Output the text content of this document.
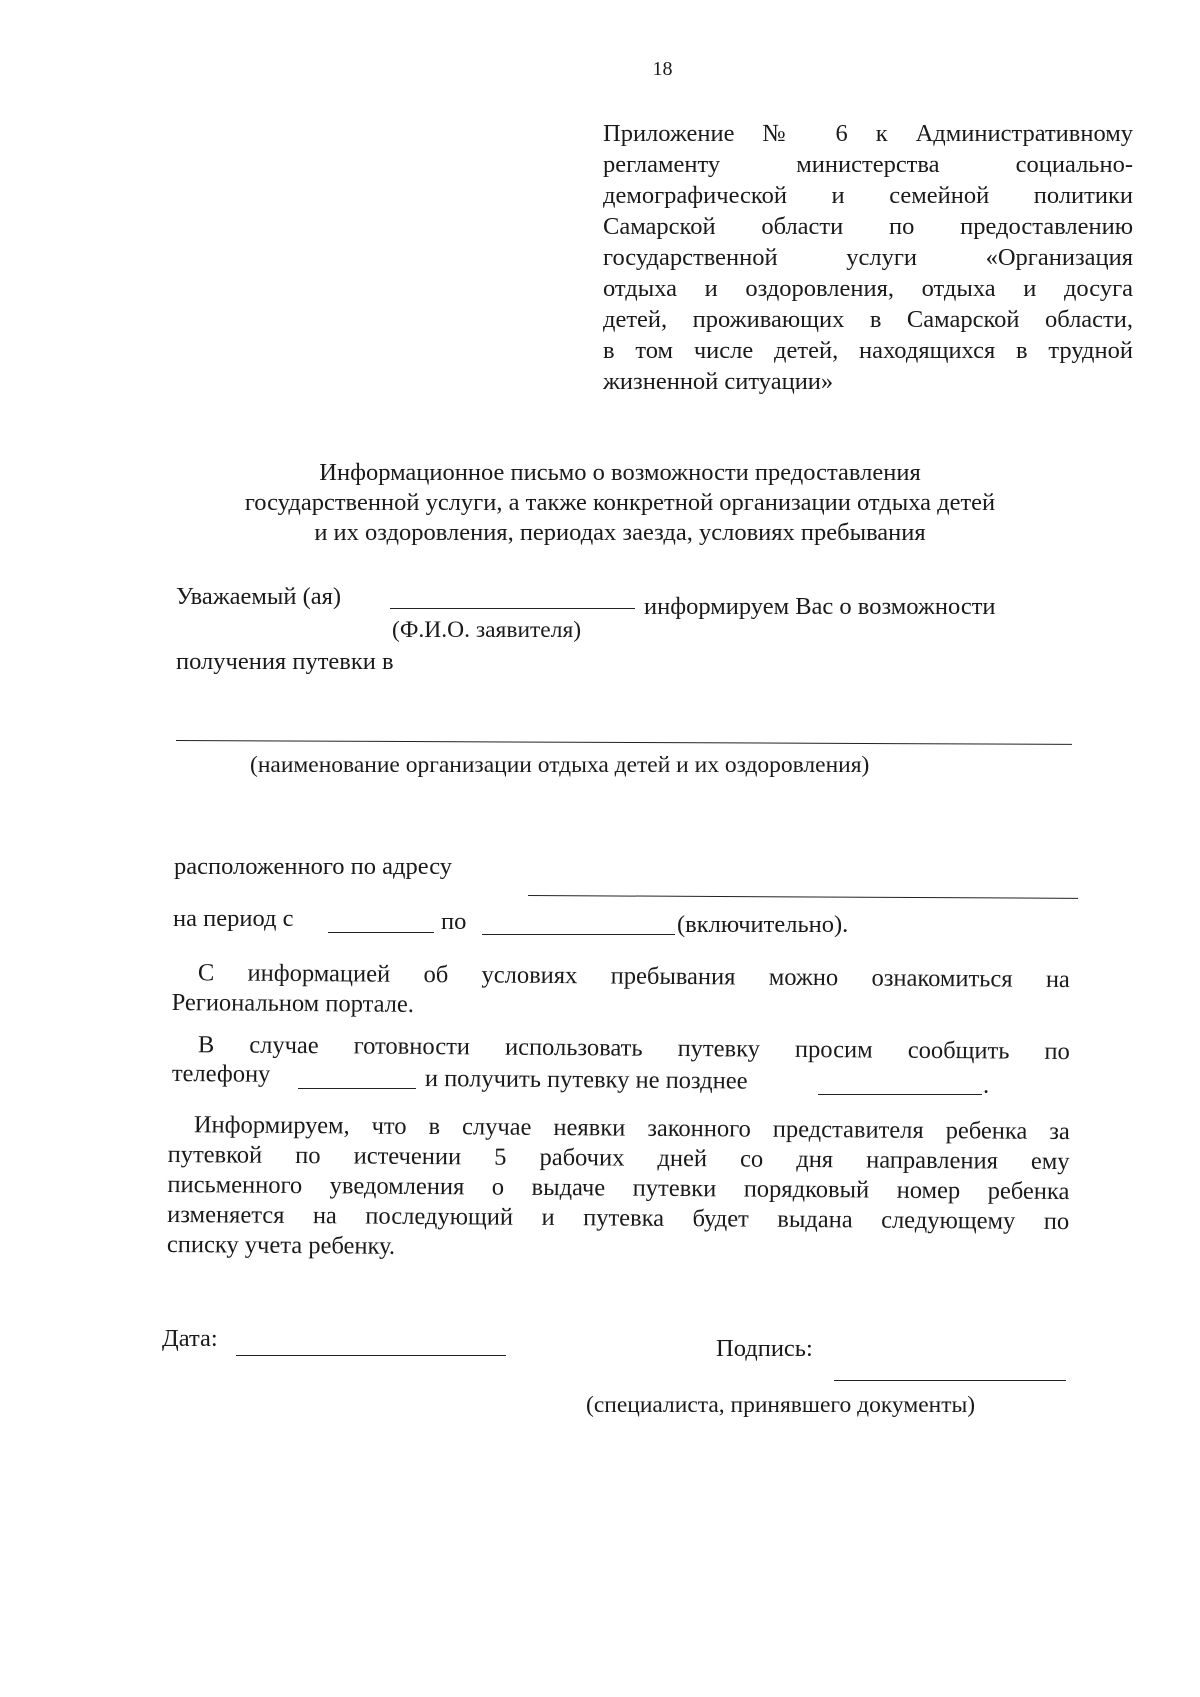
18
Приложение № 6 к Административному
регламенту министерства социально-
демографической и семейной политики
Самарской области по предоставлению
государственной услуги «Организация
отдыха и оздоровления, отдыха и досуга
детей, проживающих в Самарской области,
в том числе детей, находящихся в трудной
жизненной ситуации»
Информационное письмо о возможности предоставления
государственной услуги, а также конкретной организации отдыха детей
и их оздоровления, периодах заезда, условиях пребывания
Уважаемый (ая)	информируем Вас о возможности
(Ф.И.О. заявителя)
получения путевки в
(наименование организации отдыха детей и их оздоровления)
расположенного по адресу
на период с	по	(включительно).
С информацией об условиях пребывания можно ознакомиться на
Региональном портале.
В случае готовности использовать путевку просим сообщить по
телефону	и получить путевку не позднее	.
Информируем, что в случае неявки законного представителя ребенка за
путевкой по истечении 5 рабочих дней со дня направления ему
письменного уведомления о выдаче путевки порядковый номер ребенка
изменяется на последующий и путевка будет выдана следующему по
списку учета ребенку.
Дата:	Подпись:
(специалиста, принявшего документы)
